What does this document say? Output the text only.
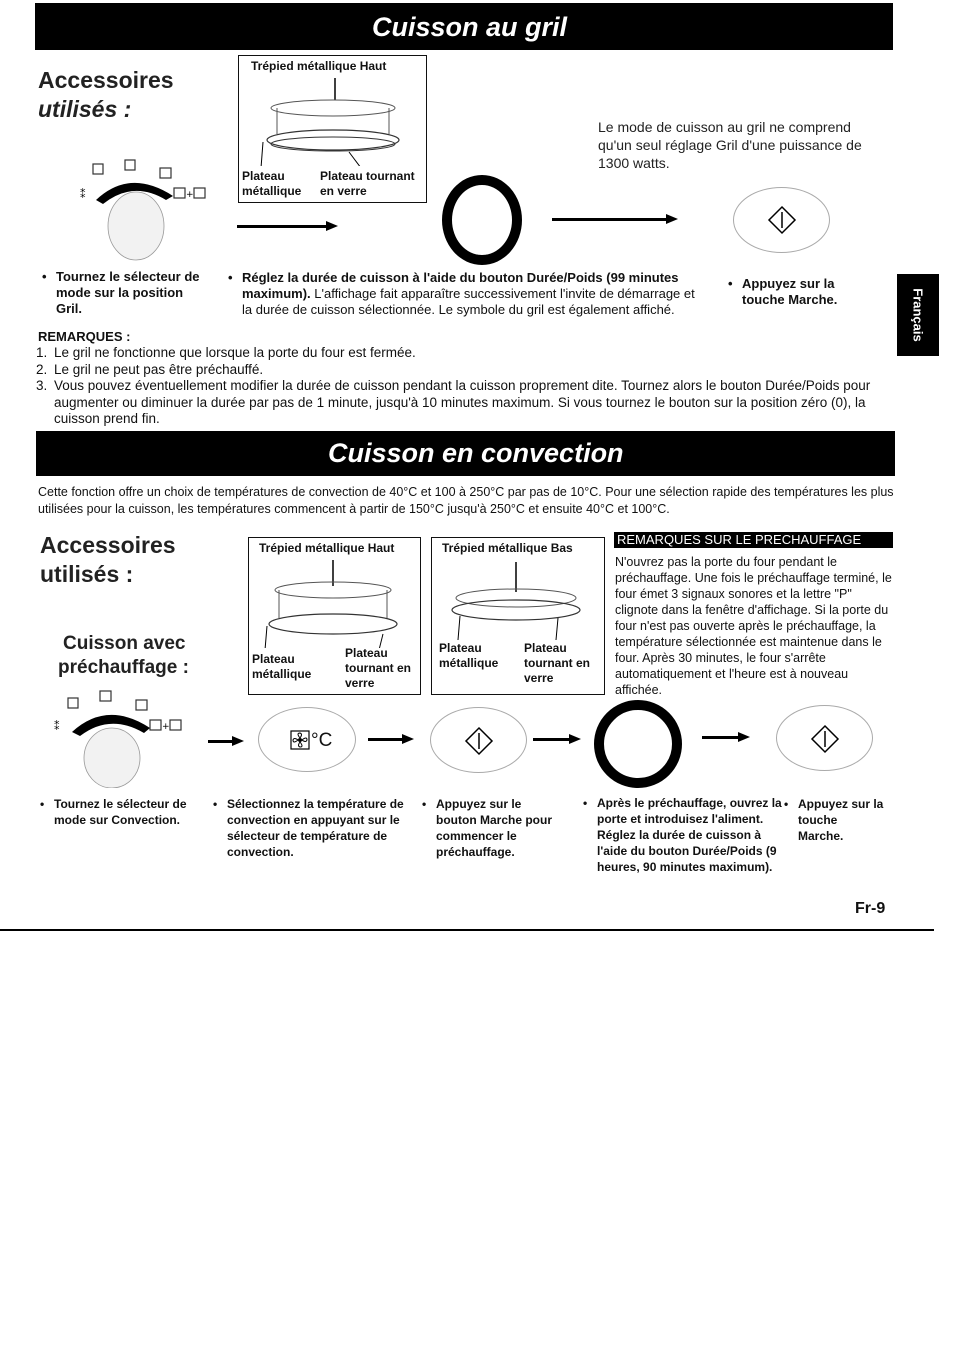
Cuisson au gril
Accessoires
utilisés :
⁑	+
Trépied métallique Haut
Plateau
métallique
Plateau tournant
en verre
Le mode de cuisson au gril ne comprend qu'un seul réglage Gril d'une puissance de 1300 watts.
• Tournez le sélecteur de mode sur la position Gril.
• Réglez la durée de cuisson à l'aide du bouton Durée/Poids (99 minutes maximum). L'affichage fait apparaître successivement l'invite de démarrage et la durée de cuisson sélectionnée. Le symbole du gril est également affiché.
• Appuyez sur la touche Marche.
REMARQUES :
1. Le gril ne fonctionne que lorsque la porte du four est fermée.
2. Le gril ne peut pas être préchauffé.
3. Vous pouvez éventuellement modifier la durée de cuisson pendant la cuisson proprement dite. Tournez alors le bouton Durée/Poids pour augmenter ou diminuer la durée par pas de 1 minute, jusqu'à 10 minutes maximum. Si vous tournez le bouton sur la position zéro (0), la cuisson prend fin.
Français
Cuisson en convection
Cette fonction offre un choix de températures de convection de 40°C et 100 à 250°C par pas de 10°C. Pour une sélection rapide des températures les plus utilisées pour la cuisson, les températures commencent à partir de 150°C jusqu'à 250°C et ensuite 40°C et 100°C.
Accessoires
utilisés :
Cuisson avec
préchauffage :
Trépied métallique Haut
Plateau
métallique
Plateau
tournant en
verre
Trépied métallique Bas
Plateau
métallique
Plateau
tournant en
verre
REMARQUES SUR LE PRECHAUFFAGE
N'ouvrez pas la porte du four pendant le préchauffage. Une fois le préchauffage terminé, le four émet 3 signaux sonores et la lettre "P" clignote dans la fenêtre d'affichage. Si la porte du four n'est pas ouverte après le préchauffage, la température sélectionnée est maintenue dans le four. Après 30 minutes, le four s'arrête automatiquement et l'heure est à nouveau affichée.
⁑	+
°C
• Tournez le sélecteur de mode sur Convection.
• Sélectionnez la température de convection en appuyant sur le sélecteur de température de convection.
• Appuyez sur le bouton Marche pour commencer le préchauffage.
• Après le préchauffage, ouvrez la porte et introduisez l'aliment. Réglez la durée de cuisson à l'aide du bouton Durée/Poids (9 heures, 90 minutes maximum).
• Appuyez sur la touche Marche.
Fr-9
